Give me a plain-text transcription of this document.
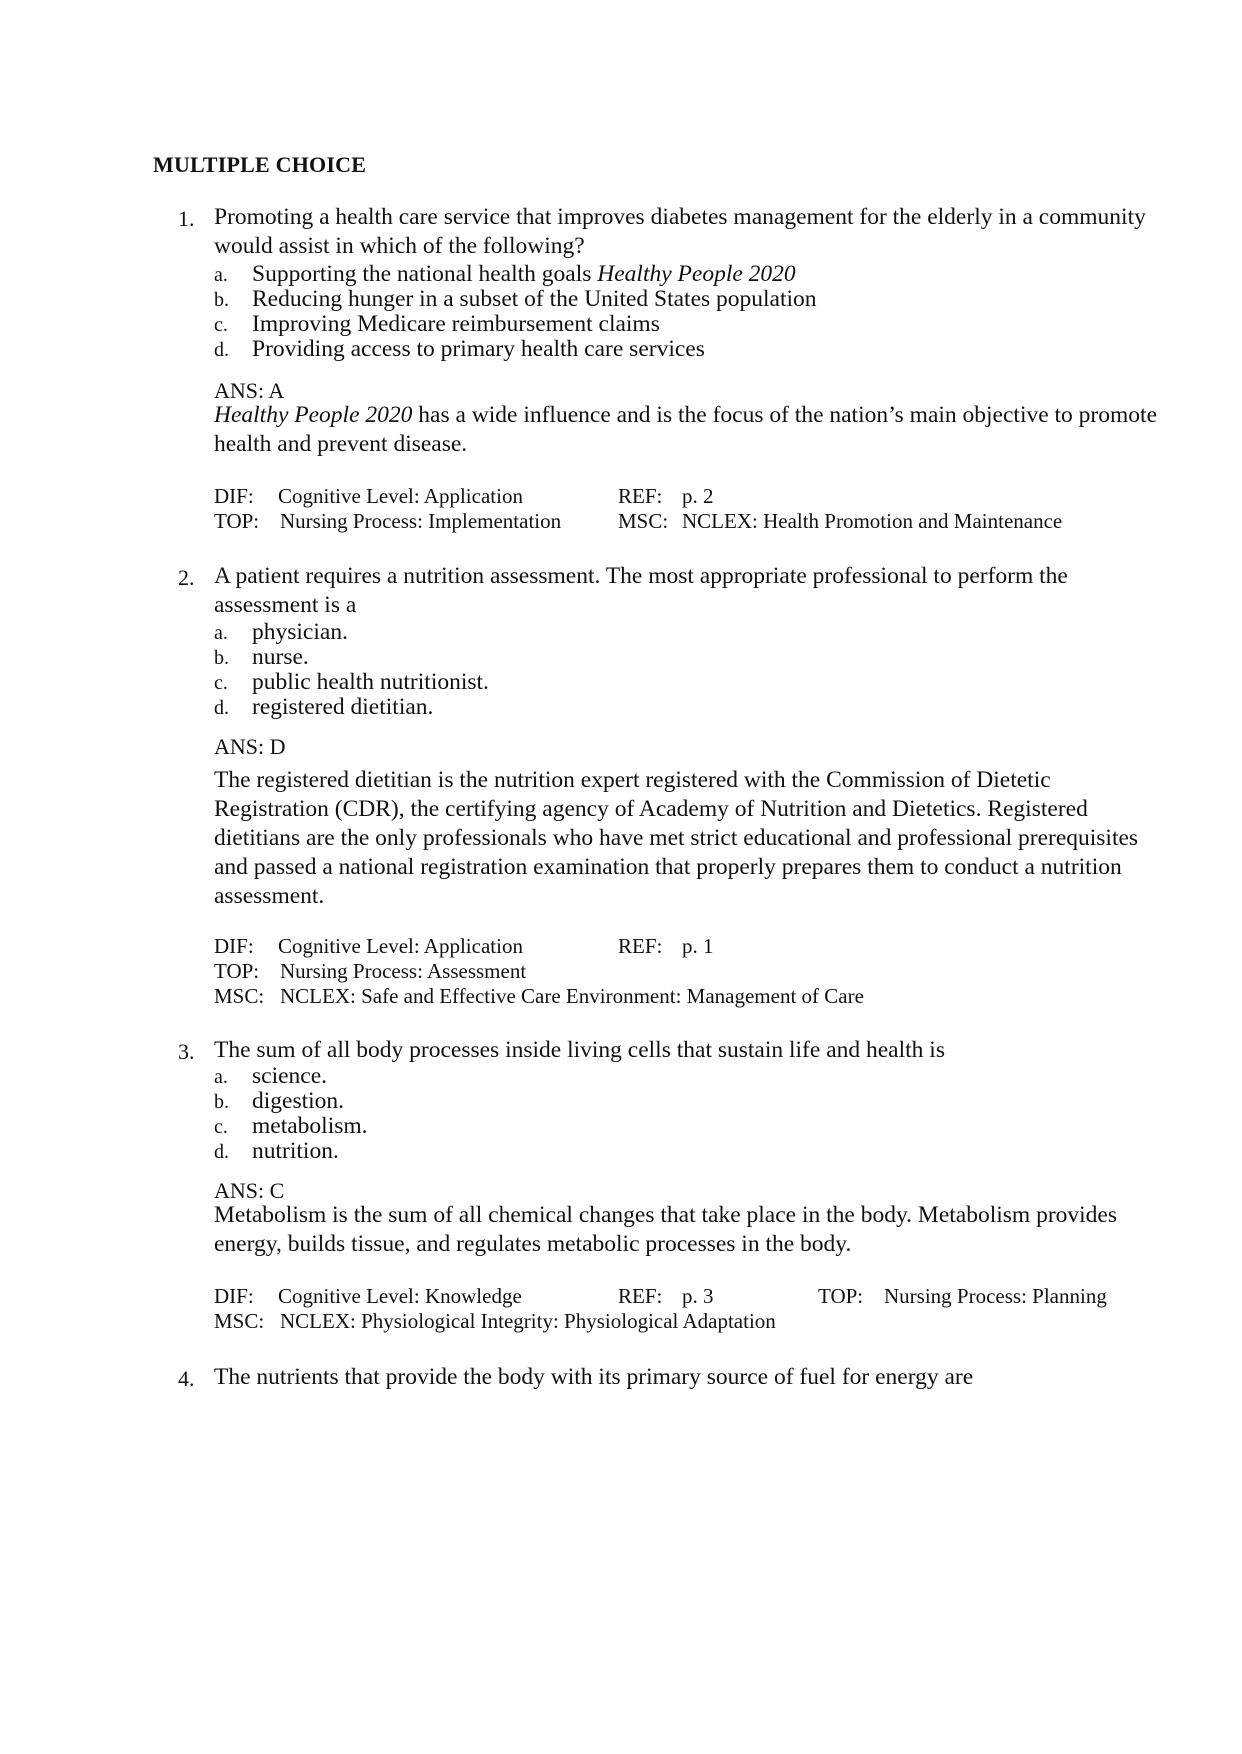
MULTIPLE CHOICE
1. Promoting a health care service that improves diabetes management for the elderly in a community would assist in which of the following?
a. Supporting the national health goals Healthy People 2020
b. Reducing hunger in a subset of the United States population
c. Improving Medicare reimbursement claims
d. Providing access to primary health care services
ANS: A
Healthy People 2020 has a wide influence and is the focus of the nation’s main objective to promote health and prevent disease.
DIF: Cognitive Level: Application	REF: p. 2
TOP: Nursing Process: Implementation	MSC: NCLEX: Health Promotion and Maintenance
2. A patient requires a nutrition assessment. The most appropriate professional to perform the assessment is a
a. physician.
b. nurse.
c. public health nutritionist.
d. registered dietitian.
ANS: D
The registered dietitian is the nutrition expert registered with the Commission of Dietetic Registration (CDR), the certifying agency of Academy of Nutrition and Dietetics. Registered dietitians are the only professionals who have met strict educational and professional prerequisites and passed a national registration examination that properly prepares them to conduct a nutrition assessment.
DIF: Cognitive Level: Application	REF: p. 1
TOP: Nursing Process: Assessment
MSC: NCLEX: Safe and Effective Care Environment: Management of Care
3. The sum of all body processes inside living cells that sustain life and health is
a. science.
b. digestion.
c. metabolism.
d. nutrition.
ANS: C
Metabolism is the sum of all chemical changes that take place in the body. Metabolism provides energy, builds tissue, and regulates metabolic processes in the body.
DIF: Cognitive Level: Knowledge	REF: p. 3	TOP: Nursing Process: Planning
MSC: NCLEX: Physiological Integrity: Physiological Adaptation
4. The nutrients that provide the body with its primary source of fuel for energy are
